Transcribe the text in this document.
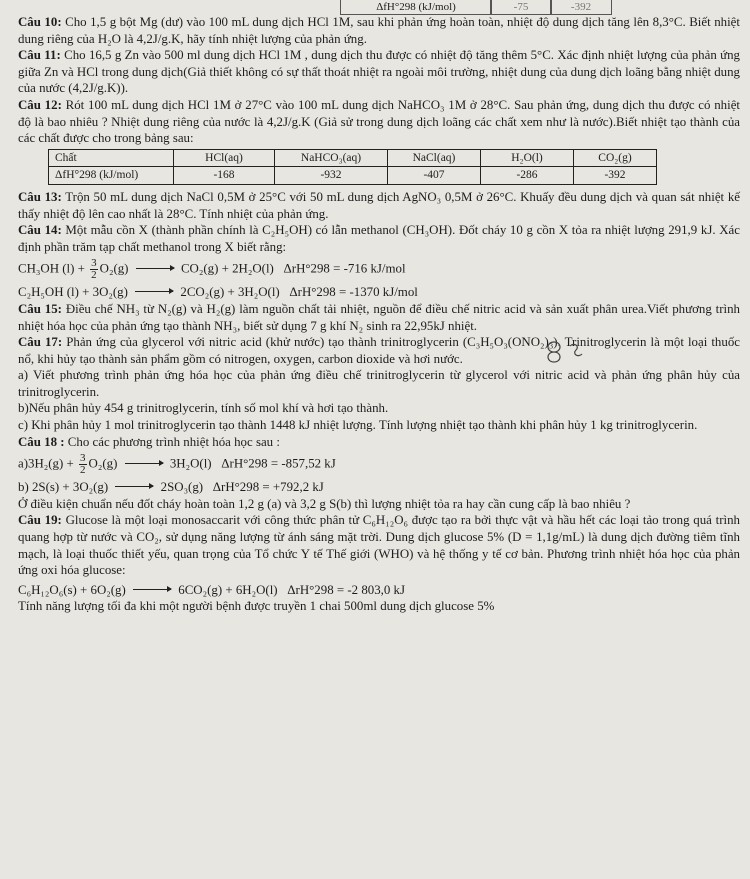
ΔfH°298 (kJ/mol)	-75	-392

Câu 10: Cho 1,5 g bột Mg (dư) vào 100 mL dung dịch HCl 1M, sau khi phản ứng hoàn toàn, nhiệt độ dung dịch tăng lên 8,3°C. Biết nhiệt dung riêng của H₂O là 4,2J/g.K, hãy tính nhiệt lượng của phản ứng.

Câu 11: Cho 16,5 g Zn vào 500 ml dung dịch HCl 1M , dung dịch thu được có nhiệt độ tăng thêm 5°C. Xác định nhiệt lượng của phản ứng giữa Zn và HCl trong dung dịch(Giả thiết không có sự thất thoát nhiệt ra ngoài môi trường, nhiệt dung của dung dịch loãng bằng nhiệt dung của nước (4,2J/g.K)).

Câu 12: Rót 100 mL dung dịch HCl 1M ở 27°C vào 100 mL dung dịch NaHCO₃ 1M ở 28°C. Sau phản ứng, dung dịch thu được có nhiệt độ là bao nhiêu ? Nhiệt dung riêng của nước là 4,2J/g.K (Giả sử trong dung dịch loãng các chất xem như là nước).Biết nhiệt tạo thành của các chất được cho trong bảng sau:

Chất	HCl(aq)	NaHCO₃(aq)	NaCl(aq)	H₂O(l)	CO₂(g)
ΔfH°298 (kJ/mol)	-168	-932	-407	-286	-392

Câu 13: Trộn 50 mL dung dịch NaCl 0,5M ở 25°C với 50 mL dung dịch AgNO₃ 0,5M ở 26°C. Khuấy đều dung dịch và quan sát nhiệt kế thấy nhiệt độ lên cao nhất là 28°C. Tính nhiệt của phản ứng.

Câu 14: Một mẫu cồn X (thành phần chính là C₂H₅OH) có lẫn methanol (CH₃OH). Đốt cháy 10 g cồn X tỏa ra nhiệt lượng 291,9 kJ. Xác định phần trăm tạp chất methanol trong X biết rằng:

CH₃OH $(l) + \frac{3}{2} O_2(g)$	CO₂(g) + 2H₂O(l) ΔrH°298 = -716 kJ/mol

C₂H₅OH (l) + 3O₂(g)	2CO₂(g) + 3H₂O(l) ΔrH°298 = -1370 kJ/mol

Câu 15: Điều chế NH₃ từ N₂(g) và H₂(g) làm nguồn chất tải nhiệt, nguồn để điều chế nitric acid và sản xuất phân urea.Viết phương trình nhiệt hóa học của phản ứng tạo thành NH₃, biết sử dụng 7 g khí N₂ sinh ra 22,95kJ nhiệt.

Câu 17: Phản ứng của glycerol với nitric acid (khử nước) tạo thành trinitroglycerin (C₃H₅O₃(ONO₂)₃). Trinitroglycerin là một loại thuốc nổ, khi hủy tạo thành sản phẩm gồm có nitrogen, oxygen, carbon dioxide và hơi nước.

a) Viết phương trình phản ứng hóa học của phản ứng điều chế trinitroglycerin từ glycerol với nitric acid và phản ứng phân hủy của trinitroglycerin.

b)Nếu phân hủy 454 g trinitroglycerin, tính số mol khí và hơi tạo thành.

c) Khi phân hủy 1 mol trinitroglycerin tạo thành 1448 kJ nhiệt lượng. Tính lượng nhiệt tạo thành khi phân hủy 1 kg trinitroglycerin.

Câu 18 : Cho các phương trình nhiệt hóa học sau :

$a)3H_2(g) + \frac{3}{2} O_2(g)$	3H₂O(l) ΔrH°298 = -857,52 kJ

b) 2S(s) + 3O₂(g)	2SO₃(g) ΔrH°298 = +792,2 kJ

Ở điều kiện chuẩn nếu đốt cháy hoàn toàn 1,2 g (a) và 3,2 g S(b) thì lượng nhiệt tỏa ra hay cần cung cấp là bao nhiêu ?

Câu 19: Glucose là một loại monosaccarit với công thức phân tử C₆H₁₂O₆ được tạo ra bởi thực vật và hầu hết các loại tảo trong quá trình quang hợp từ nước và CO₂, sử dụng năng lượng từ ánh sáng mặt trời. Dung dịch glucose 5% (D = 1,1g/mL) là dung dịch đường tiêm tĩnh mạch, là loại thuốc thiết yếu, quan trọng của Tổ chức Y tế Thế giới (WHO) và hệ thống y tế cơ bản. Phương trình nhiệt hóa học của phản ứng oxi hóa glucose:

C₆H₁₂O₆(s) + 6O₂(g)	6CO₂(g) + 6H₂O(l) ΔrH°298 = -2 803,0 kJ

Tính năng lượng tối đa khi một người bệnh được truyền 1 chai 500ml dung dịch glucose 5%
